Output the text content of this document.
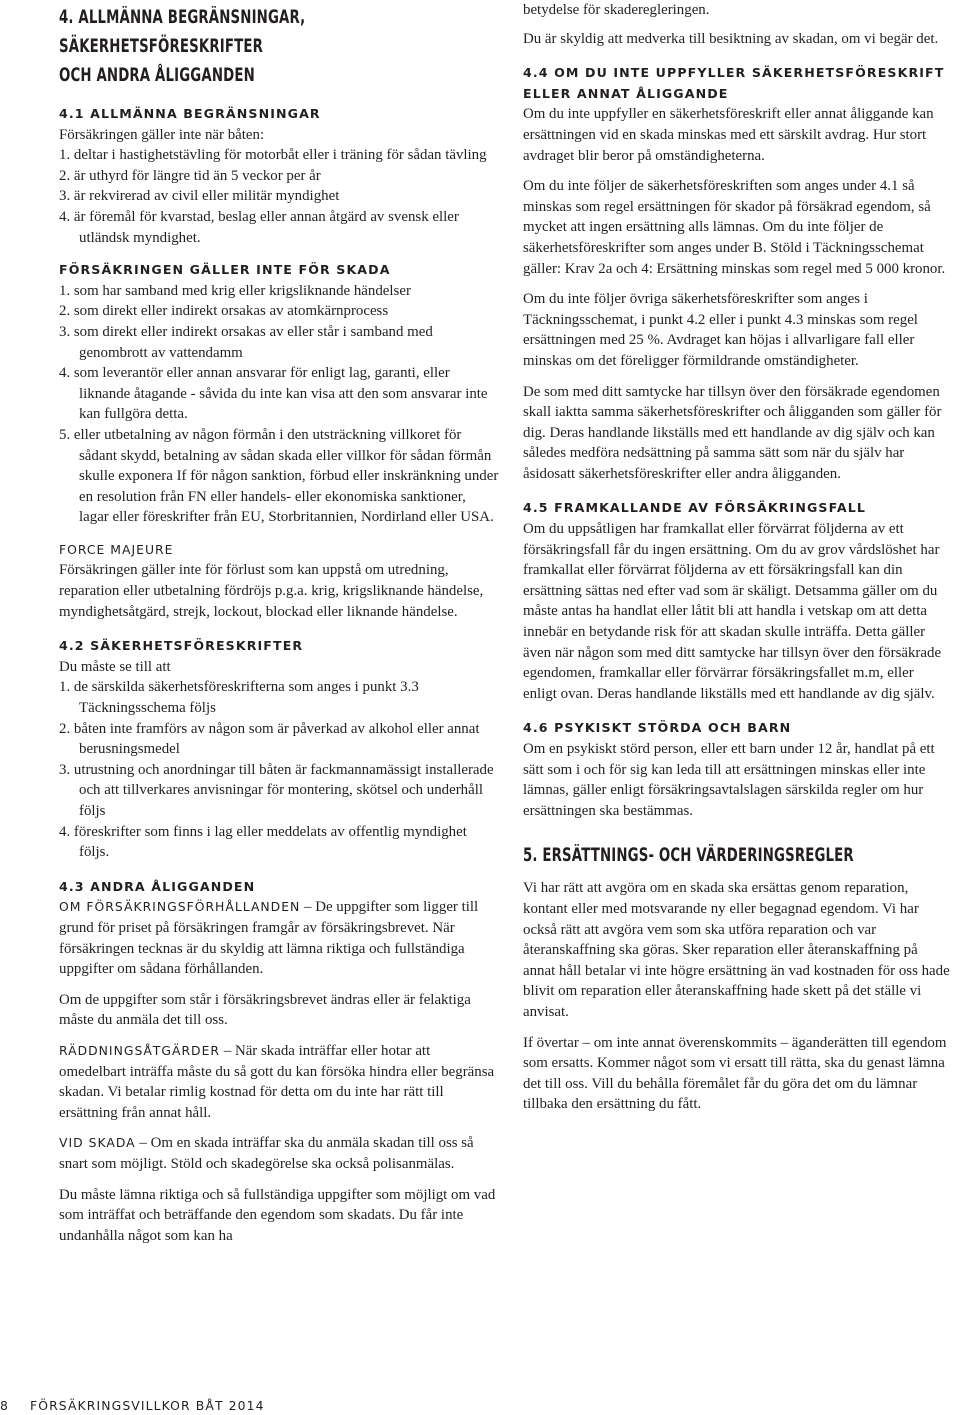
4. ALLMÄNNA BEGRÄNSNINGAR, SÄKERHETSFÖRESKRIFTER
OCH ANDRA ÅLIGGANDEN
4.1 ALLMÄNNA BEGRÄNSNINGAR

Försäkringen gäller inte när båten:

1. deltar i hastighetstävling för motorbåt eller i träning för sådan tävling

2. är uthyrd för längre tid än 5 veckor per år

3. är rekvirerad av civil eller militär myndighet

4. är föremål för kvarstad, beslag eller annan åtgärd av svensk eller utländsk myndighet.

FÖRSÄKRINGEN GÄLLER INTE FÖR SKADA

1. som har samband med krig eller krigsliknande händelser

2. som direkt eller indirekt orsakas av atomkärnprocess

3. som direkt eller indirekt orsakas av eller står i samband med genombrott av vattendamm

4. som leverantör eller annan ansvarar för enligt lag, garanti, eller liknande åtagande - såvida du inte kan visa att den som ansvarar inte kan fullgöra detta.

5. eller utbetalning av någon förmån i den utsträckning villkoret för sådant skydd, betalning av sådan skada eller villkor för sådan förmån skulle exponera If för någon sanktion, förbud eller inskränkning under en resolution från FN eller handels- eller ekonomiska sanktioner, lagar eller föreskrifter från EU, Storbritannien, Nordirland eller USA.

FORCE MAJEURE

Försäkringen gäller inte för förlust som kan uppstå om utredning, reparation eller utbetalning fördröjs p.g.a. krig, krigsliknande händelse, myndighetsåtgärd, strejk, lockout, blockad eller liknande händelse.

4.2 SÄKERHETSFÖRESKRIFTER

Du måste se till att

1. de särskilda säkerhetsföreskrifterna som anges i punkt 3.3 Täckningsschema följs

2. båten inte framförs av någon som är påverkad av alkohol eller annat berusningsmedel

3. utrustning och anordningar till båten är fackmannamässigt installerade och att tillverkares anvisningar för montering, skötsel och underhåll följs

4. föreskrifter som finns i lag eller meddelats av offentlig myndighet följs.

4.3 ANDRA ÅLIGGANDEN

OM FÖRSÄKRINGSFÖRHÅLLANDEN – De uppgifter som ligger till grund för priset på försäkringen framgår av försäkringsbrevet. När försäkringen tecknas är du skyldig att lämna riktiga och fullständiga uppgifter om sådana förhållanden.

Om de uppgifter som står i försäkringsbrevet ändras eller är felaktiga måste du anmäla det till oss.

RÄDDNINGSÅTGÄRDER – När skada inträffar eller hotar att omedelbart inträffa måste du så gott du kan försöka hindra eller begränsa skadan. Vi betalar rimlig kostnad för detta om du inte har rätt till ersättning från annat håll.

VID SKADA – Om en skada inträffar ska du anmäla skadan till oss så snart som möjligt. Stöld och skadegörelse ska också polisanmälas.

Du måste lämna riktiga och så fullständiga uppgifter som möjligt om vad som inträffat och beträffande den egendom som skadats. Du får inte undanhålla något som kan ha

betydelse för skaderegleringen.

Du är skyldig att medverka till besiktning av skadan, om vi begär det.

4.4 OM DU INTE UPPFYLLER SÄKERHETSFÖRESKRIFT ELLER ANNAT ÅLIGGANDE

Om du inte uppfyller en säkerhetsföreskrift eller annat åliggande kan ersättningen vid en skada minskas med ett särskilt avdrag. Hur stort avdraget blir beror på omständigheterna.

Om du inte följer de säkerhetsföreskriften som anges under 4.1 så minskas som regel ersättningen för skador på försäkrad egendom, så mycket att ingen ersättning alls lämnas. Om du inte följer de säkerhetsföreskrifter som anges under B. Stöld i Täckningsschemat gäller: Krav 2a och 4: Ersättning minskas som regel med 5 000 kronor.

Om du inte följer övriga säkerhetsföreskrifter som anges i Täckningsschemat, i punkt 4.2 eller i punkt 4.3 minskas som regel ersättningen med 25 %. Avdraget kan höjas i allvarligare fall eller minskas om det föreligger förmildrande omständigheter.

De som med ditt samtycke har tillsyn över den försäkrade egendomen skall iaktta samma säkerhetsföreskrifter och åligganden som gäller för dig. Deras handlande likställs med ett handlande av dig själv och kan således medföra nedsättning på samma sätt som när du själv har åsidosatt säkerhetsföreskrifter eller andra åligganden.

4.5 FRAMKALLANDE AV FÖRSÄKRINGSFALL

Om du uppsåtligen har framkallat eller förvärrat följderna av ett försäkringsfall får du ingen ersättning. Om du av grov vårdslöshet har framkallat eller förvärrat följderna av ett försäkringsfall kan din ersättning sättas ned efter vad som är skäligt. Detsamma gäller om du måste antas ha handlat eller låtit bli att handla i vetskap om att detta innebär en betydande risk för att skadan skulle inträffa. Detta gäller även när någon som med ditt samtycke har tillsyn över den försäkrade egendomen, framkallar eller förvärrar försäkringsfallet m.m, eller enligt ovan. Deras handlande likställs med ett handlande av dig själv.

4.6 PSYKISKT STÖRDA OCH BARN

Om en psykiskt störd person, eller ett barn under 12 år, handlat på ett sätt som i och för sig kan leda till att ersättningen minskas eller inte lämnas, gäller enligt försäkringsavtalslagen särskilda regler om hur ersättningen ska bestämmas.

5. ERSÄTTNINGS- OCH VÄRDERINGSREGLER

Vi har rätt att avgöra om en skada ska ersättas genom reparation, kontant eller med motsvarande ny eller begagnad egendom. Vi har också rätt att avgöra vem som ska utföra reparation och var återanskaffning ska göras. Sker reparation eller återanskaffning på annat håll betalar vi inte högre ersättning än vad kostnaden för oss hade blivit om reparation eller återanskaffning hade skett på det ställe vi anvisat.

If övertar – om inte annat överenskommits – äganderätten till egendom som ersatts. Kommer något som vi ersatt till rätta, ska du genast lämna det till oss. Vill du behålla föremålet får du göra det om du lämnar tillbaka den ersättning du fått.

8 FÖRSÄKRINGSVILLKOR BÅT 2014
